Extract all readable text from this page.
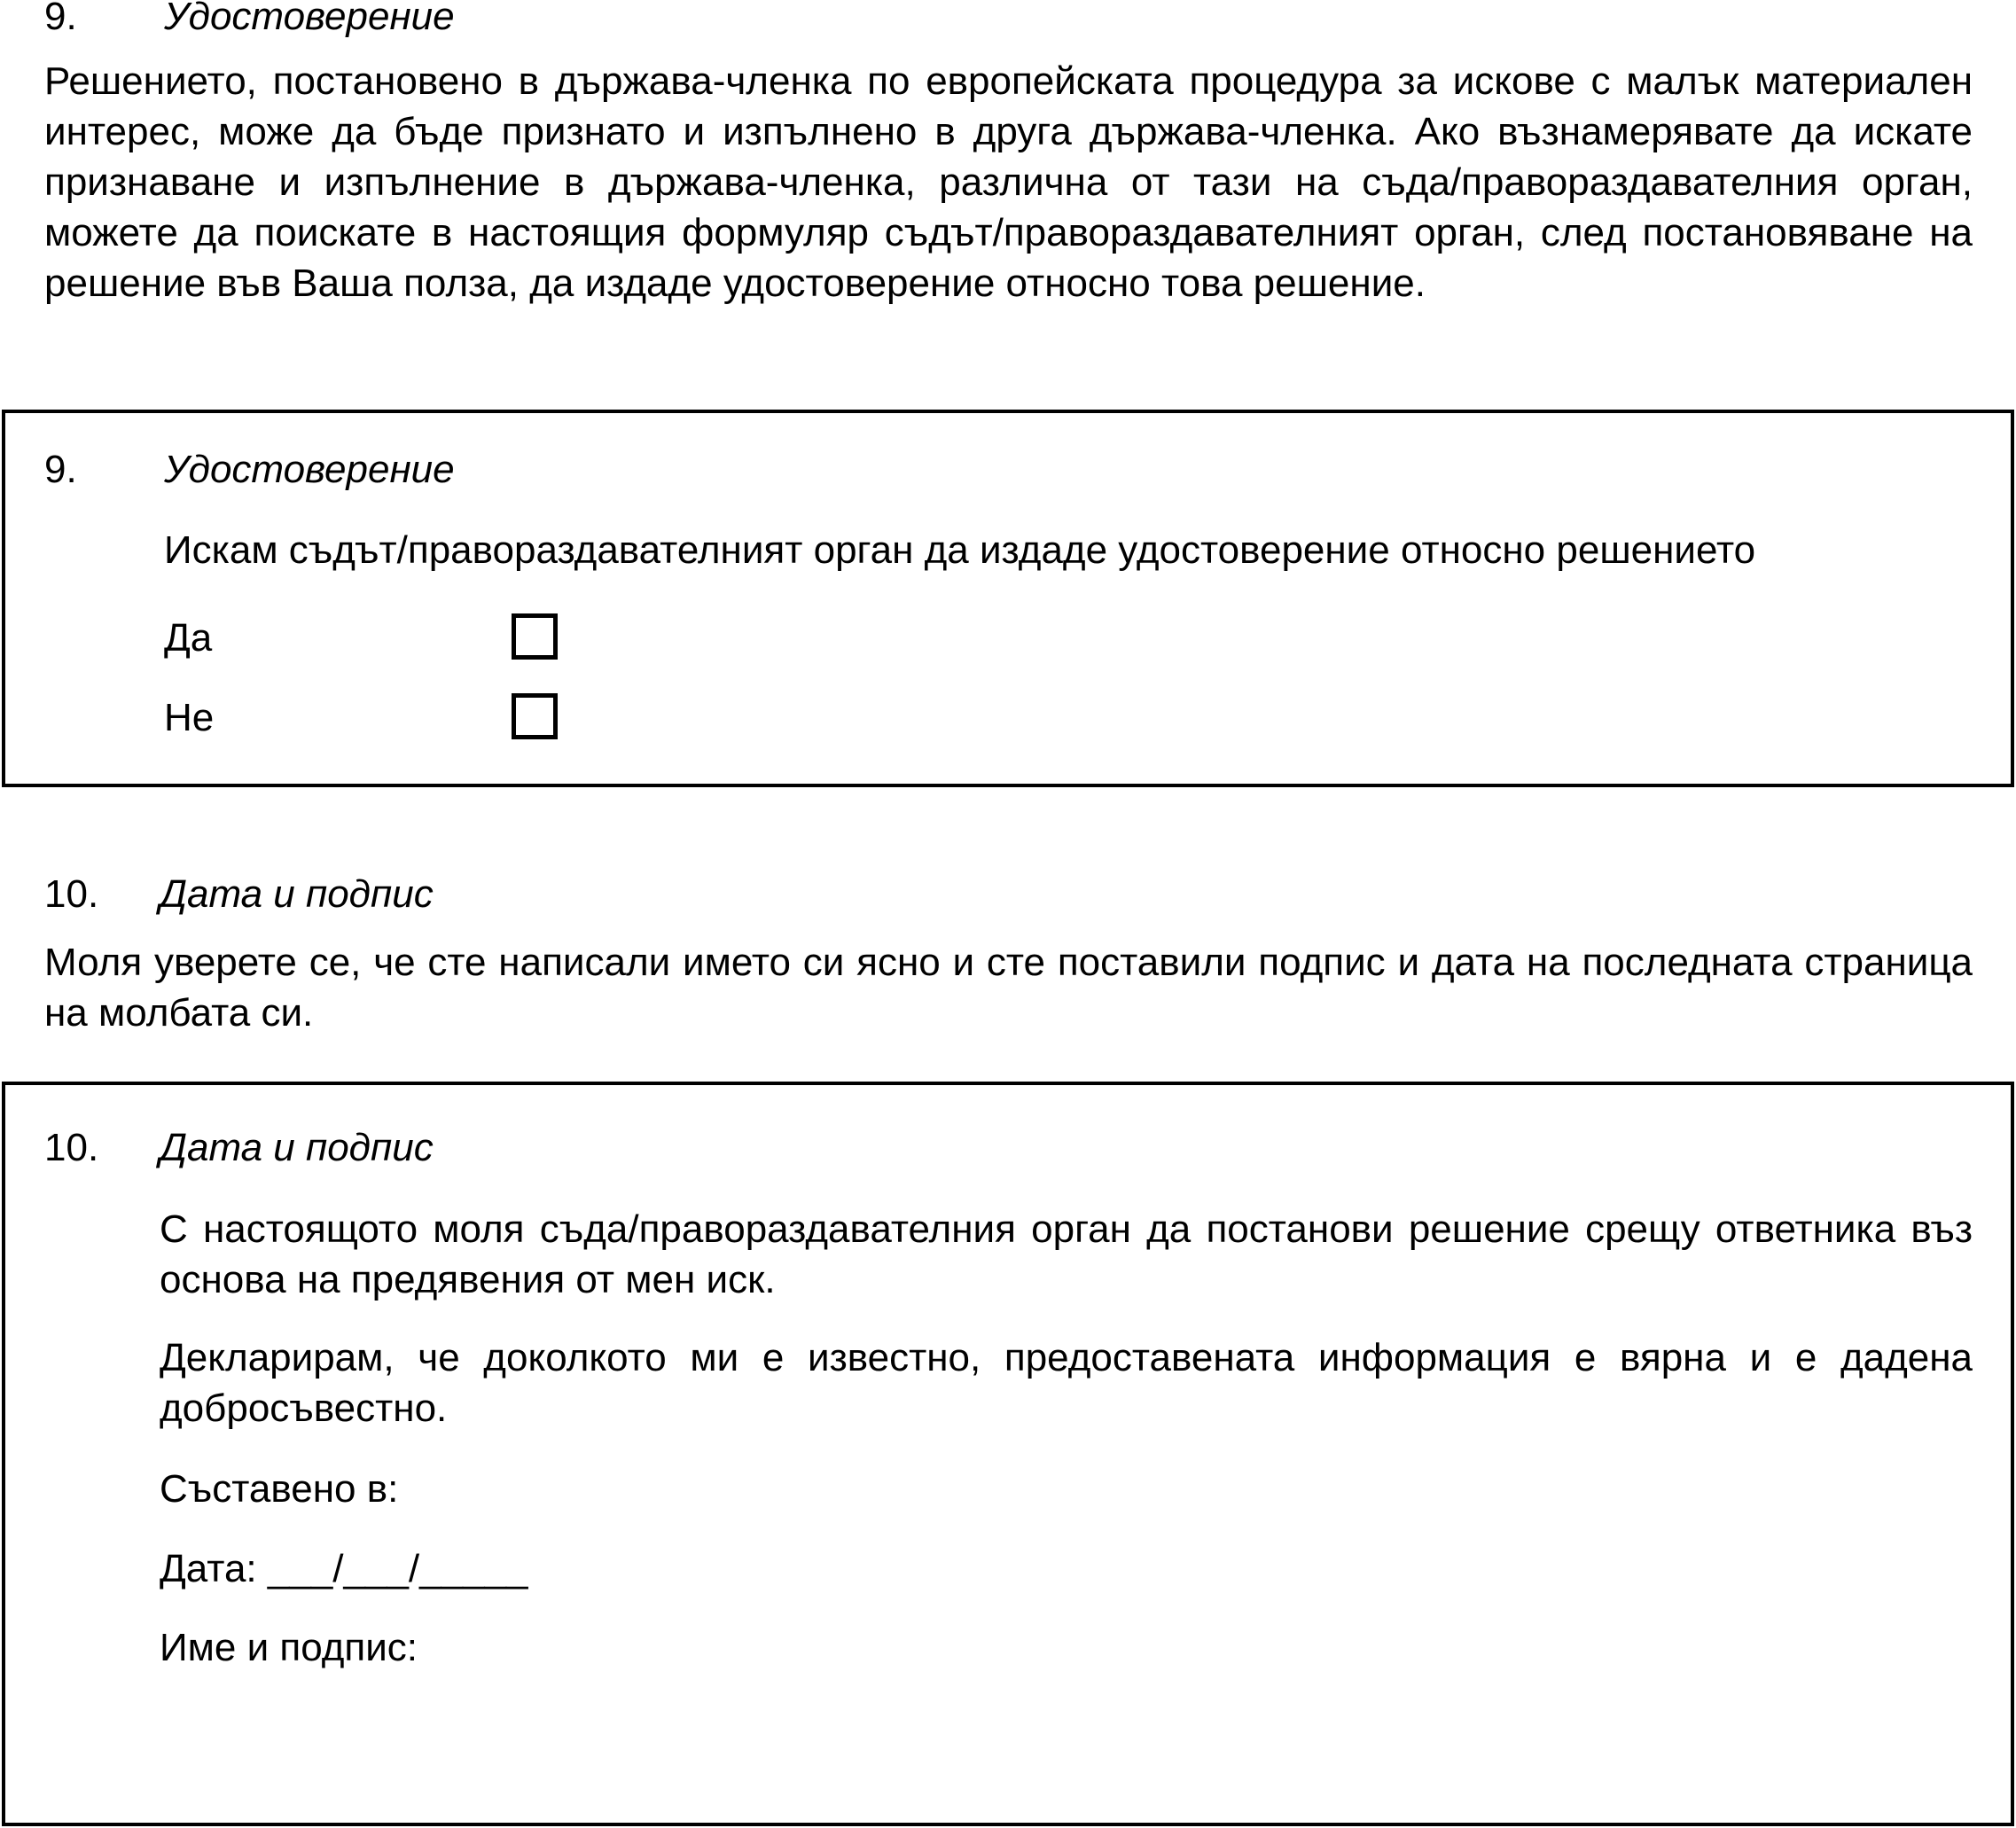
9. Удостоверение

Решението, постановено в държава-членка по европейската процедура за искове с малък материален

интерес, може да бъде признато и изпълнено в друга държава-членка. Ако възнамерявате да искате признаване и изпълнение в държава-членка, различна от тази на съда/правораздавателния орган, можете да поискате в настоящия формуляр съдът/правораздавателният орган, след постановяване на решение във Ваша полза, да издаде удостоверение относно това решение.

9. Удостоверение
Искам съдът/правораздавателният орган да издаде удостоверение относно решението
Да
Не
10. Дата и подпис

Моля уверете се, че сте написали името си ясно и сте поставили подпис и дата на последната страница на молбата си.

10. Дата и подпис

С настоящото моля съда/правораздавателния орган да постанови решение срещу ответника въз основа на предявения от мен иск.

Декларирам, че доколкото ми е известно, предоставената информация е вярна и е дадена добросъвестно.

Съставено в:
Дата: ___/___/_____
Име и подпис:
